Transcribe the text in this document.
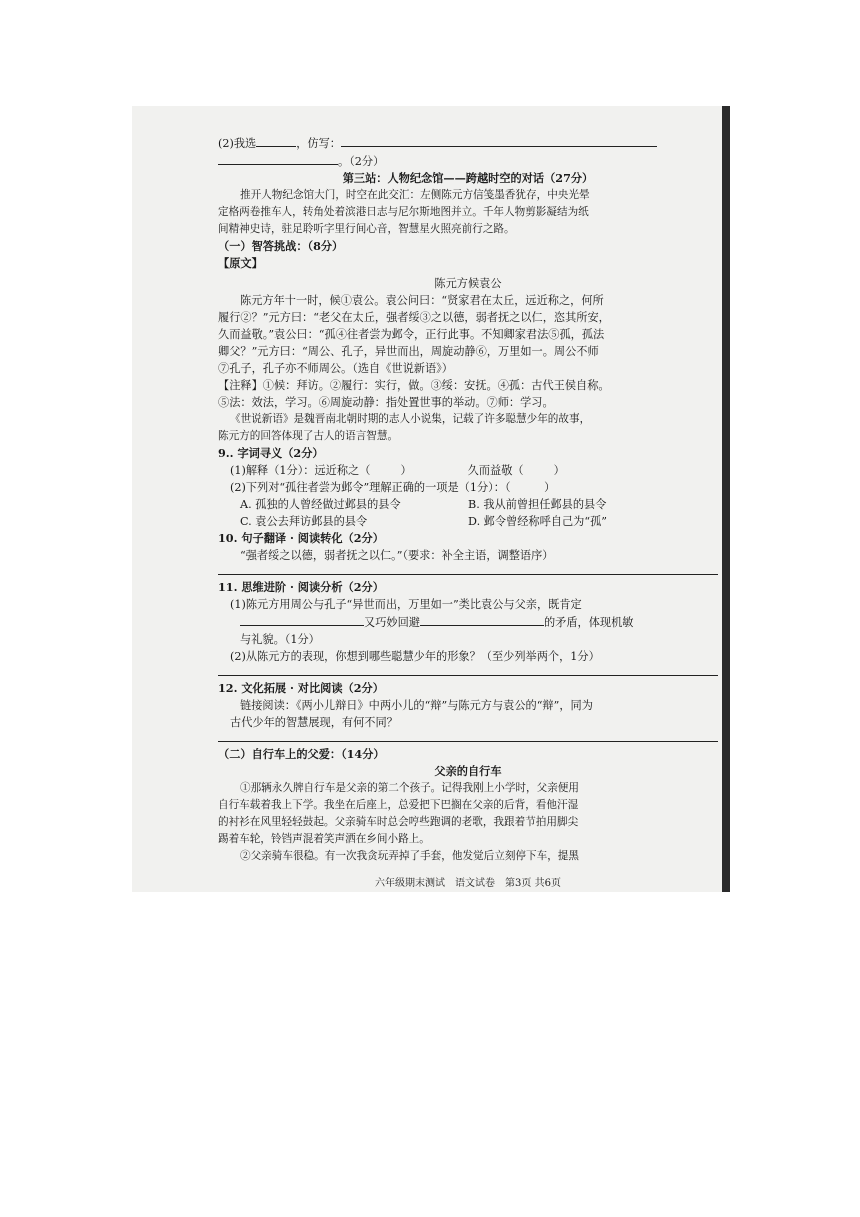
(2)我选	，仿写：
。（2分）
第三站：人物纪念馆——跨越时空的对话（27分）
推开人物纪念馆大门，时空在此交汇：左侧陈元方信笺墨香犹存，中央光晕
定格两卷推车人，转角处着滨港日志与尼尔斯地图并立。千年人物剪影凝结为纸
间精神史诗，驻足聆听字里行间心音，智慧星火照亮前行之路。
（一）智答挑战：（8分）
【原文】
陈元方候袁公
陈元方年十一时，候①袁公。袁公问曰：“贤家君在太丘，远近称之，何所
履行②？”元方曰：“老父在太丘，强者绥③之以德，弱者抚之以仁，恣其所安，
久而益敬。”袁公曰：“孤④往者尝为邺令，正行此事。不知卿家君法⑤孤，孤法
卿父？”元方曰：“周公、孔子，异世而出，周旋动静⑥，万里如一。周公不师
⑦孔子，孔子亦不师周公。（选自《世说新语》）
【注释】①候：拜访。②履行：实行，做。③绥：安抚。④孤：古代王侯自称。
⑤法：效法，学习。⑥周旋动静：指处置世事的举动。⑦师：学习。
《世说新语》是魏晋南北朝时期的志人小说集，记载了许多聪慧少年的故事，
陈元方的回答体现了古人的语言智慧。
9.. 字词寻义（2分）
(1)解释（1分）：远近称之（	）	久而益敬（	）
(2)下列对“孤往者尝为邺令”理解正确的一项是（1分）：（　　　）
A. 孤独的人曾经做过邺县的县令	B. 我从前曾担任邺县的县令
C. 袁公去拜访邺县的县令	D. 邺令曾经称呼自己为“孤”
10. 句子翻译 · 阅读转化（2分）
“强者绥之以德，弱者抚之以仁。”（要求：补全主语，调整语序）
11. 思维进阶 · 阅读分析（2分）
(1)陈元方用周公与孔子“异世而出，万里如一”类比袁公与父亲，既肯定
又巧妙回避	的矛盾，体现机敏
与礼貌。（1分）
(2)从陈元方的表现，你想到哪些聪慧少年的形象？（至少列举两个，1分）
12. 文化拓展 · 对比阅读（2分）
链接阅读：《两小儿辩日》中两小儿的“辩”与陈元方与袁公的“辩”，同为
古代少年的智慧展现，有何不同？
（二）自行车上的父爱：（14分）
父亲的自行车
①那辆永久牌自行车是父亲的第二个孩子。记得我刚上小学时，父亲便用
自行车载着我上下学。我坐在后座上，总爱把下巴搁在父亲的后背，看他汗湿
的衬衫在风里轻轻鼓起。父亲骑车时总会哼些跑调的老歌，我跟着节拍用脚尖
踢着车轮，铃铛声混着笑声洒在乡间小路上。
②父亲骑车很稳。有一次我贪玩弄掉了手套，他发觉后立刻停下车，提黑
六年级期末测试　语文试卷　第3页 共6页
